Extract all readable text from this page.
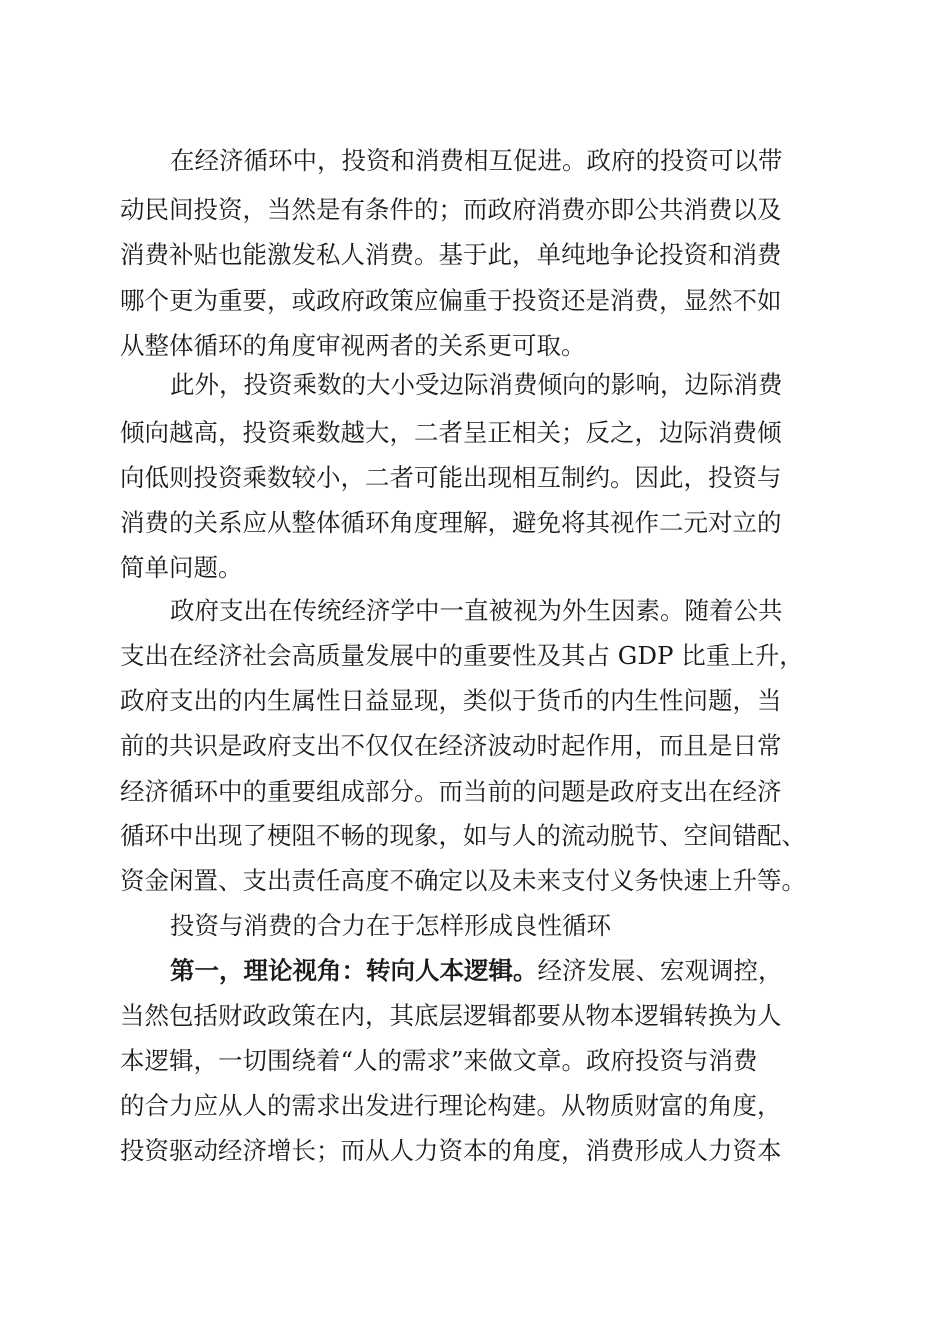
在经济循环中，投资和消费相互促进。政府的投资可以带

动民间投资，当然是有条件的；而政府消费亦即公共消费以及

消费补贴也能激发私人消费。基于此，单纯地争论投资和消费

哪个更为重要，或政府政策应偏重于投资还是消费，显然不如

从整体循环的角度审视两者的关系更可取。

此外，投资乘数的大小受边际消费倾向的影响，边际消费

倾向越高，投资乘数越大，二者呈正相关；反之，边际消费倾

向低则投资乘数较小，二者可能出现相互制约。因此，投资与

消费的关系应从整体循环角度理解，避免将其视作二元对立的

简单问题。

政府支出在传统经济学中一直被视为外生因素。随着公共

支出在经济社会高质量发展中的重要性及其占 GDP 比重上升，

政府支出的内生属性日益显现，类似于货币的内生性问题，当

前的共识是政府支出不仅仅在经济波动时起作用，而且是日常

经济循环中的重要组成部分。而当前的问题是政府支出在经济

循环中出现了梗阻不畅的现象，如与人的流动脱节、空间错配、

资金闲置、支出责任高度不确定以及未来支付义务快速上升等。

投资与消费的合力在于怎样形成良性循环

第一，理论视角：转向人本逻辑。经济发展、宏观调控，

当然包括财政政策在内，其底层逻辑都要从物本逻辑转换为人

本逻辑，一切围绕着“人的需求”来做文章。政府投资与消费

的合力应从人的需求出发进行理论构建。从物质财富的角度，

投资驱动经济增长；而从人力资本的角度，消费形成人力资本
